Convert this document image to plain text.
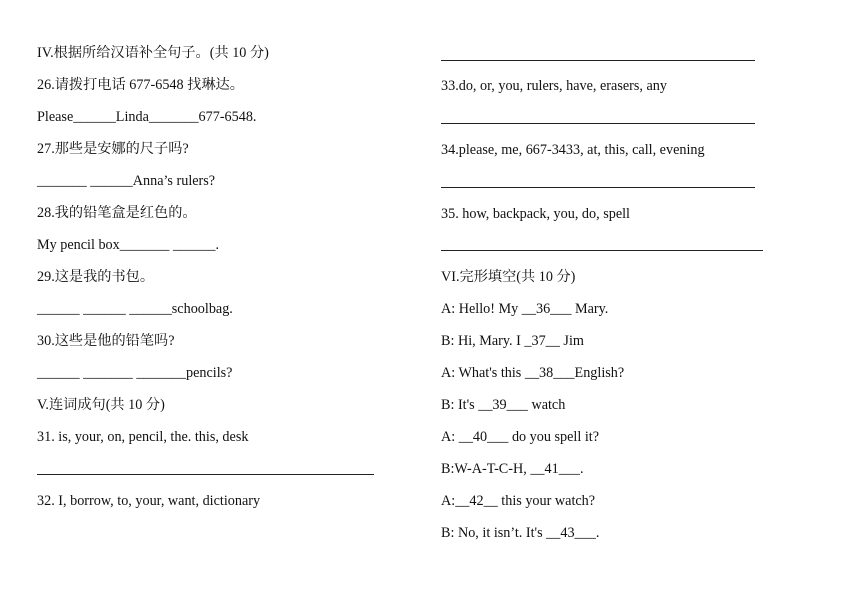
IV.根据所给汉语补全句子。(共 10 分)
26.请拨打电话 677-6548 找琳达。
Please______Linda_______677-6548.
27.那些是安娜的尺子吗?
_______ ______Anna’s rulers?
28.我的铅笔盒是红色的。
My pencil box_______ ______.
29.这是我的书包。
______ ______ ______schoolbag.
30.这些是他的铅笔吗?
______ _______ _______pencils?
V.连词成句(共 10 分)
31. is, your, on, pencil, the. this, desk
32. I, borrow, to, your, want, dictionary
33.do, or, you, rulers, have, erasers, any
34.please, me, 667-3433, at, this, call, evening
35. how, backpack, you, do, spell
VI.完形填空(共 10 分)
A: Hello! My __36___ Mary.
B: Hi, Mary. I _37__ Jim
A: What's this __38___English?
B: It's __39___ watch
A: __40___ do you spell it?
B:W-A-T-C-H, __41___.
A:__42__ this your watch?
B: No, it isn’t. It's __43___.
